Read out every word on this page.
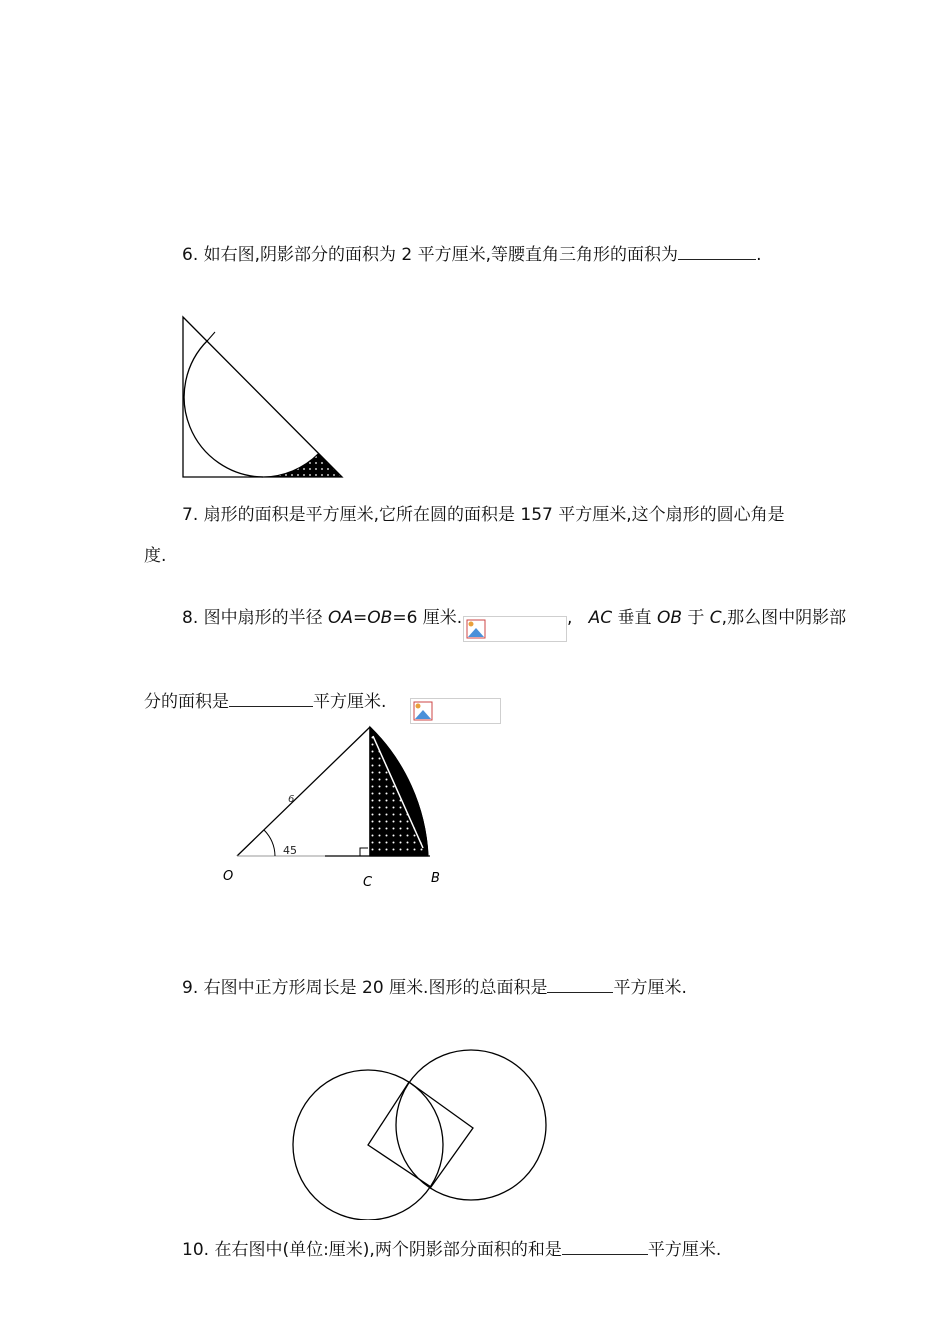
6. 如右图,阴影部分的面积为 2 平方厘米,等腰直角三角形的面积为	.
7. 扇形的面积是平方厘米,它所在圆的面积是 157 平方厘米,这个扇形的圆心角是
度.
8. 图中扇形的半径 OA=OB=6 厘米.	, AC 垂直 OB 于 C,那么图中阴影部
分的面积是	平方厘米.
45
6
O	C	B
9. 右图中正方形周长是 20 厘米.图形的总面积是	平方厘米.
10. 在右图中(单位:厘米),两个阴影部分面积的和是	平方厘米.
